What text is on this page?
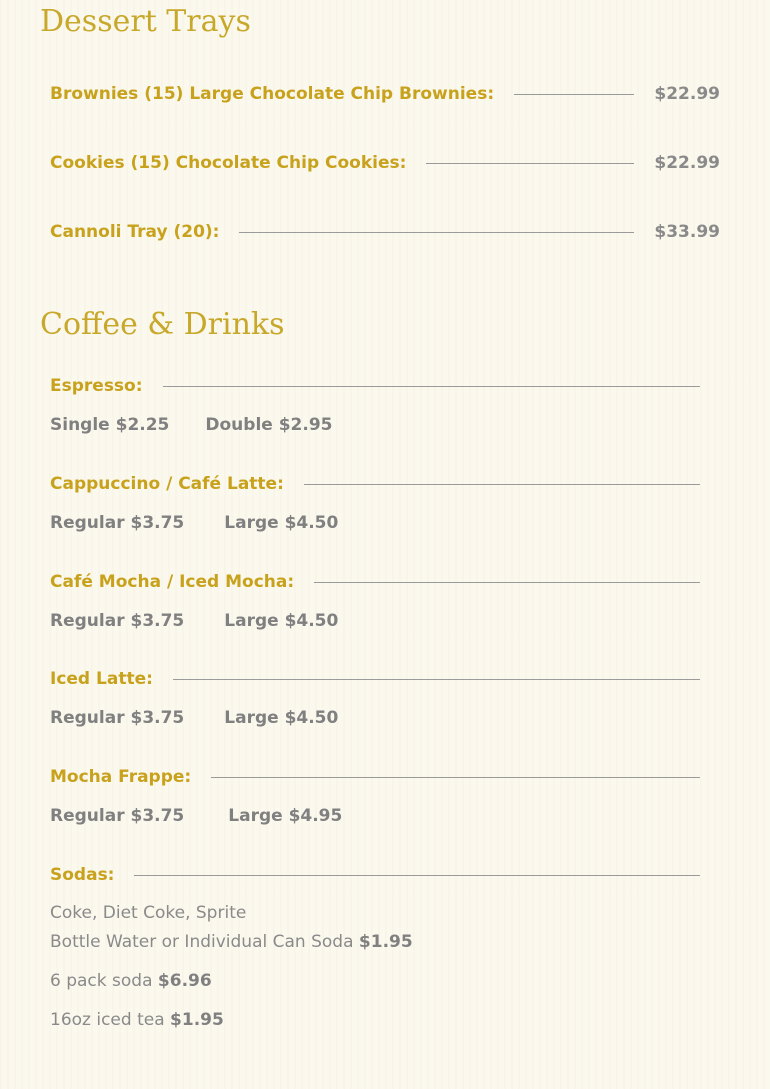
Dessert Trays
Brownies (15) Large Chocolate Chip Brownies:	$22.99
Cookies (15) Chocolate Chip Cookies:	$22.99
Cannoli Tray (20):	$33.99
Coffee & Drinks
Espresso:
Single $2.25 Double $2.95
Cappuccino / Café Latte:
Regular $3.75 Large $4.50
Café Mocha / Iced Mocha:
Regular $3.75 Large $4.50
Iced Latte:
Regular $3.75 Large $4.50
Mocha Frappe:
Regular $3.75	Large $4.95
Sodas:
Coke, Diet Coke, Sprite
Bottle Water or Individual Can Soda $1.95
6 pack soda $6.96
16oz iced tea $1.95
